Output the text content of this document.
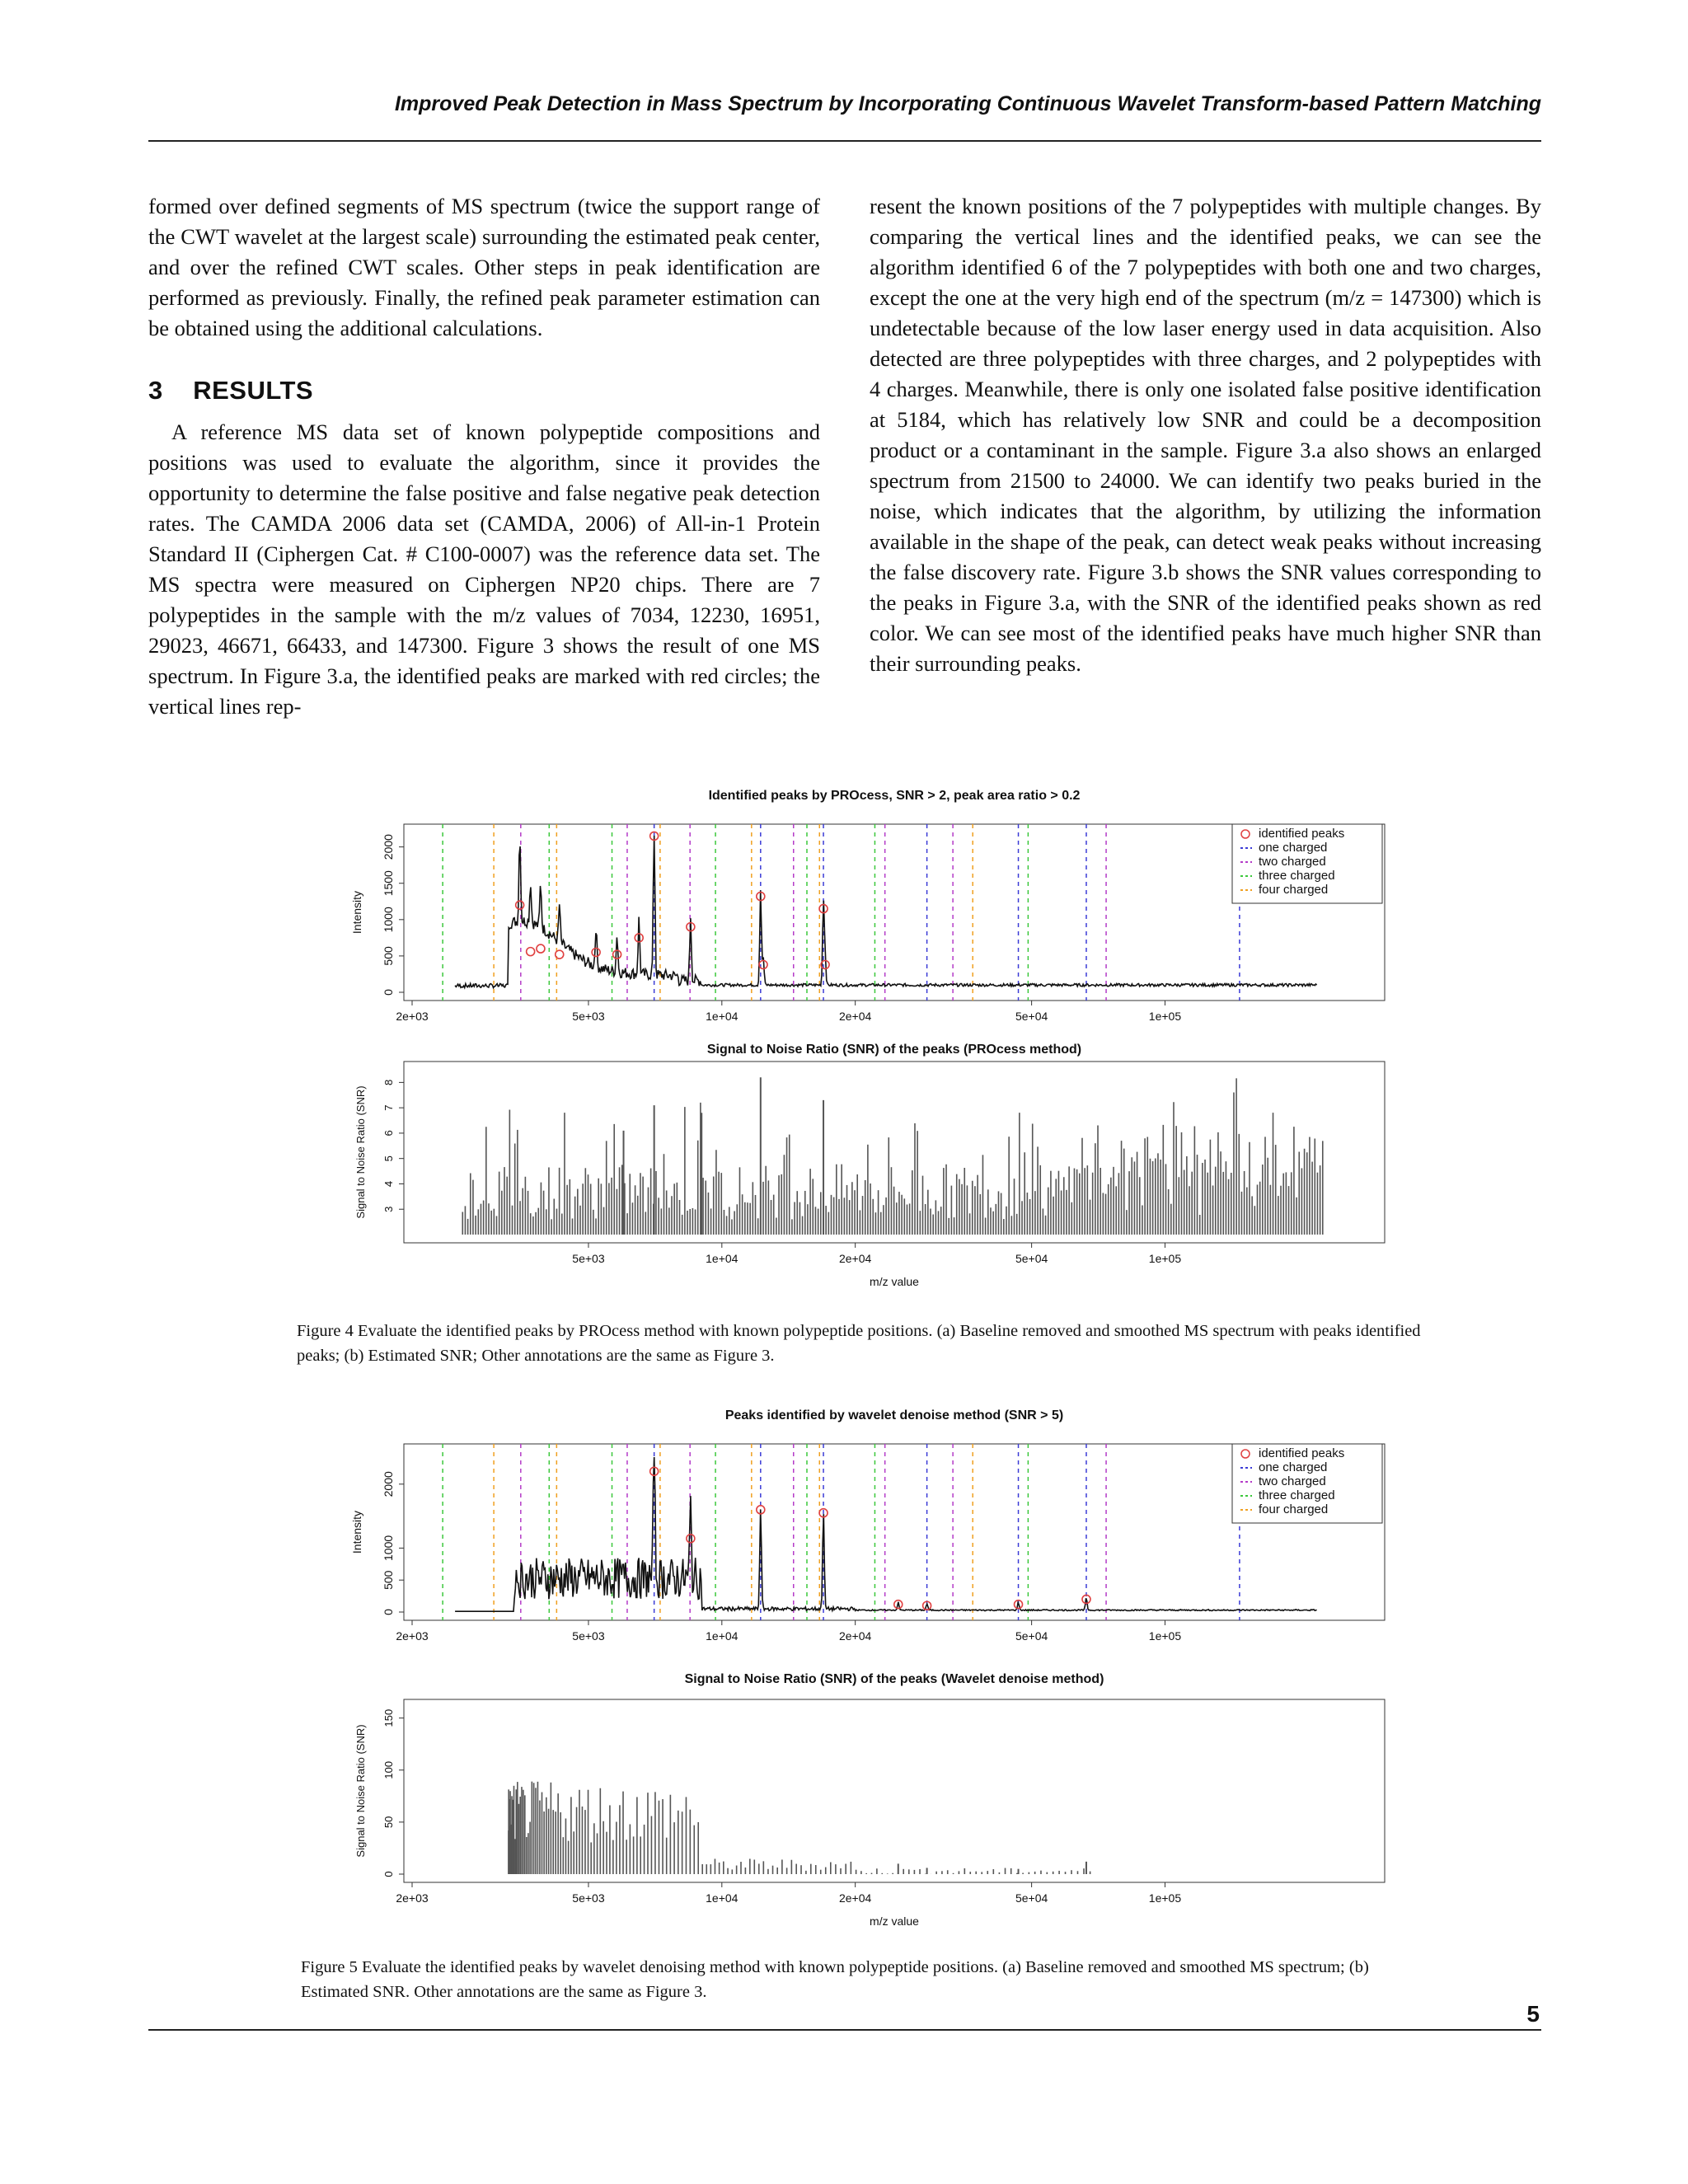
Improved Peak Detection in Mass Spectrum by Incorporating Continuous Wavelet Transform-based Pattern Matching

formed over defined segments of MS spectrum (twice the support range of the CWT wavelet at the largest scale) surrounding the estimated peak center, and over the refined CWT scales. Other steps in peak identification are performed as previously. Finally, the refined peak parameter estimation can be obtained using the additional calculations.

3 RESULTS

A reference MS data set of known polypeptide compositions and positions was used to evaluate the algorithm, since it provides the opportunity to determine the false positive and false negative peak detection rates. The CAMDA 2006 data set (CAMDA, 2006) of All-in-1 Protein Standard II (Ciphergen Cat. # C100-0007) was the reference data set. The MS spectra were measured on Ciphergen NP20 chips. There are 7 polypeptides in the sample with the m/z values of 7034, 12230, 16951, 29023, 46671, 66433, and 147300. Figure 3 shows the result of one MS spectrum. In Figure 3.a, the identified peaks are marked with red circles; the vertical lines rep-

resent the known positions of the 7 polypeptides with multiple changes. By comparing the vertical lines and the identified peaks, we can see the algorithm identified 6 of the 7 polypeptides with both one and two charges, except the one at the very high end of the spectrum (m/z = 147300) which is undetectable because of the low laser energy used in data acquisition. Also detected are three polypeptides with three charges, and 2 polypeptides with 4 charges. Meanwhile, there is only one isolated false positive identification at 5184, which has relatively low SNR and could be a decomposition product or a contaminant in the sample. Figure 3.a also shows an enlarged spectrum from 21500 to 24000. We can identify two peaks buried in the noise, which indicates that the algorithm, by utilizing the information available in the shape of the peak, can detect weak peaks without increasing the false discovery rate. Figure 3.b shows the SNR values corresponding to the peaks in Figure 3.a, with the SNR of the identified peaks shown as red color. We can see most of the identified peaks have much higher SNR than their surrounding peaks.

Identified peaks by PROcess, SNR > 2, peak area ratio > 0.2
2e+03	5e+03	1e+04	2e+04	5e+04	1e+05
0
500
1000
1500
2000
Intensity
identified peaks
one charged
two charged
three charged
four charged
Signal to Noise Ratio (SNR) of the peaks (PROcess method)
5e+03	1e+04	2e+04	5e+04	1e+05
3
4
5
6
7
8
Signal to Noise Ratio (SNR)
m/z value
Figure 4 Evaluate the identified peaks by PROcess method with known polypeptide positions. (a) Baseline removed and smoothed MS spectrum with peaks identified peaks; (b) Estimated SNR; Other annotations are the same as Figure 3.
Peaks identified by wavelet denoise method (SNR > 5)
2e+03	5e+03	1e+04	2e+04	5e+04	1e+05
0
500
1000
2000
Intensity
identified peaks
one charged
two charged
three charged
four charged
Signal to Noise Ratio (SNR) of the peaks (Wavelet denoise method)
2e+03	5e+03	1e+04	2e+04	5e+04	1e+05
0
50
100
150
Signal to Noise Ratio (SNR)
m/z value
Figure 5 Evaluate the identified peaks by wavelet denoising method with known polypeptide positions. (a) Baseline removed and smoothed MS spectrum; (b) Estimated SNR. Other annotations are the same as Figure 3.
5
